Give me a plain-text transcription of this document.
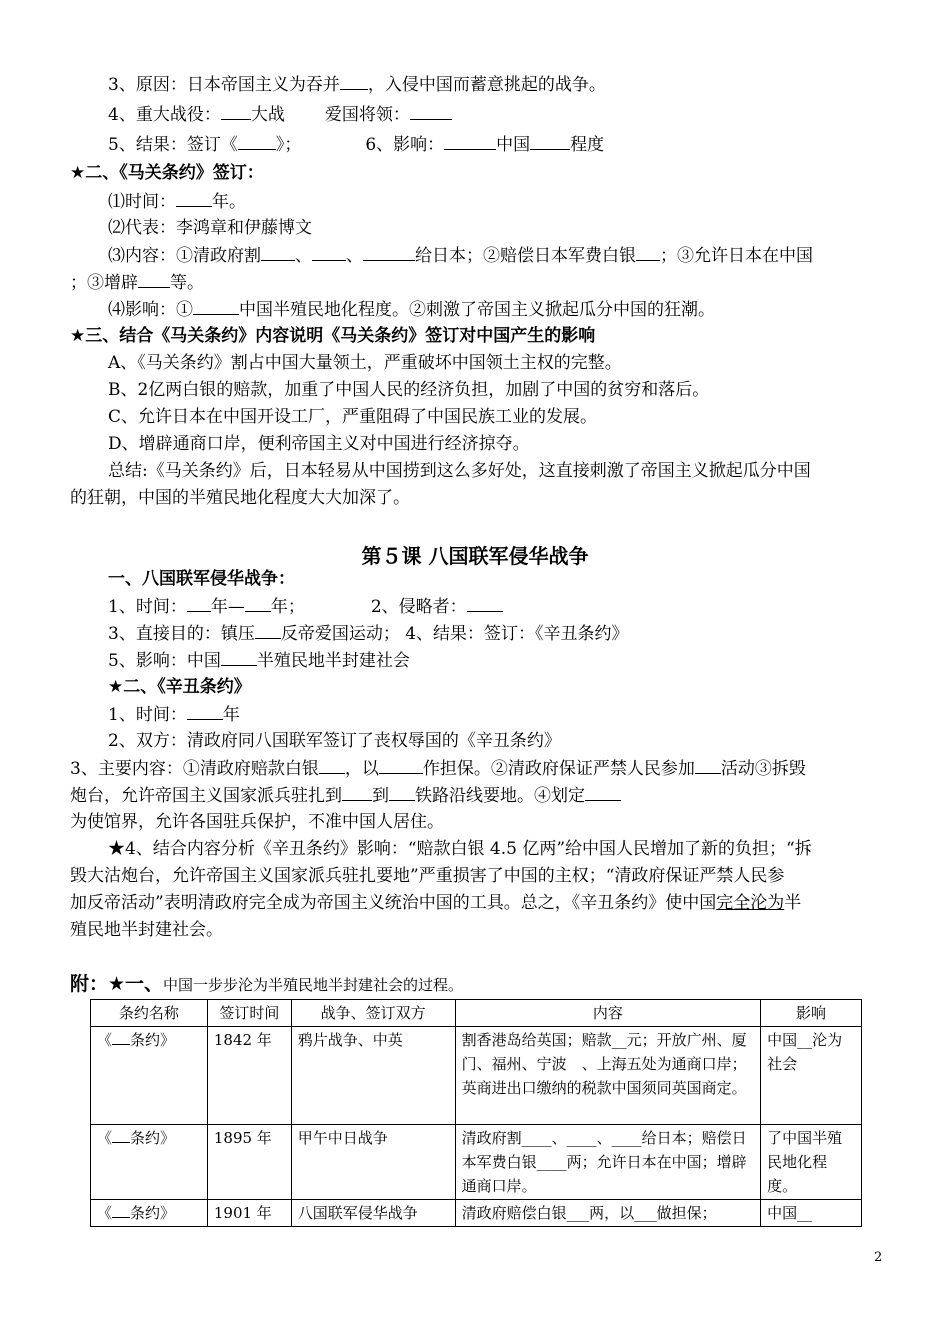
3、原因：日本帝国主义为吞并 ，入侵中国而蓄意挑起的战争。
4、重大战役： 大战 爱国将领：
5、结果：签订《 》；	6、影响：	中国 程度
★二、《马关条约》签订：
⑴时间： 年。
⑵代表：李鸿章和伊藤博文
⑶内容：①清政府割 、 、	给日本；②赔偿日本军费白银 ；③允许日本在中国
；③增辟 等。
⑷影响：①	中国半殖民地化程度。②刺激了帝国主义掀起瓜分中国的狂潮。
★三、结合《马关条约》内容说明《马关条约》签订对中国产生的影响
A、《马关条约》割占中国大量领土，严重破坏中国领土主权的完整。
B、2亿两白银的赔款，加重了中国人民的经济负担，加剧了中国的贫穷和落后。
C、允许日本在中国开设工厂，严重阻碍了中国民族工业的发展。
D、增辟通商口岸，便利帝国主义对中国进行经济掠夺。
总结:《马关条约》后，日本轻易从中国捞到这么多好处，这直接刺激了帝国主义掀起瓜分中国
的狂朝，中国的半殖民地化程度大大加深了。
第５课 八国联军侵华战争
一、八国联军侵华战争：
1、时间： 年— 年；	2、侵略者：
3、直接目的：镇压 反帝爱国运动； 4、结果：签订：《辛丑条约》
5、影响：中国 半殖民地半封建社会
★二、《辛丑条约》
1、时间： 年
2、双方：清政府同八国联军签订了丧权辱国的《辛丑条约》
3、主要内容：①清政府赔款白银 ，以	作担保。②清政府保证严禁人民参加 活动③拆毁
炮台，允许帝国主义国家派兵驻扎到 到 铁路沿线要地。④划定
为使馆界，允许各国驻兵保护，不准中国人居住。
★4、结合内容分析《辛丑条约》影响：“赔款白银 4.5 亿两”给中国人民增加了新的负担；“拆
毁大沽炮台，允许帝国主义国家派兵驻扎要地”严重损害了中国的主权；“清政府保证严禁人民参
加反帝活动”表明清政府完全成为帝国主义统治中国的工具。总之，《辛丑条约》使中国完全沦为半
殖民地半封建社会。
附：★一、中国一步步沦为半殖民地半封建社会的过程。
条约名称	签订时间	战争、签订双方	内容	影响
《 条约》	1842 年	鸦片战争、中英	割香港岛给英国；赔款__元；开放广州、厦门、福州、宁波　、上海五处为通商口岸；英商进出口缴纳的税款中国须同英国商定。	中国__沦为社会
《 条约》	1895 年	甲午中日战争	清政府割____、____、____给日本；赔偿日本军费白银____两；允许日本在中国；增辟通商口岸。	了中国半殖民地化程度。
《 条约》	1901 年	八国联军侵华战争	清政府赔偿白银___两，以___做担保；	中国__
2
